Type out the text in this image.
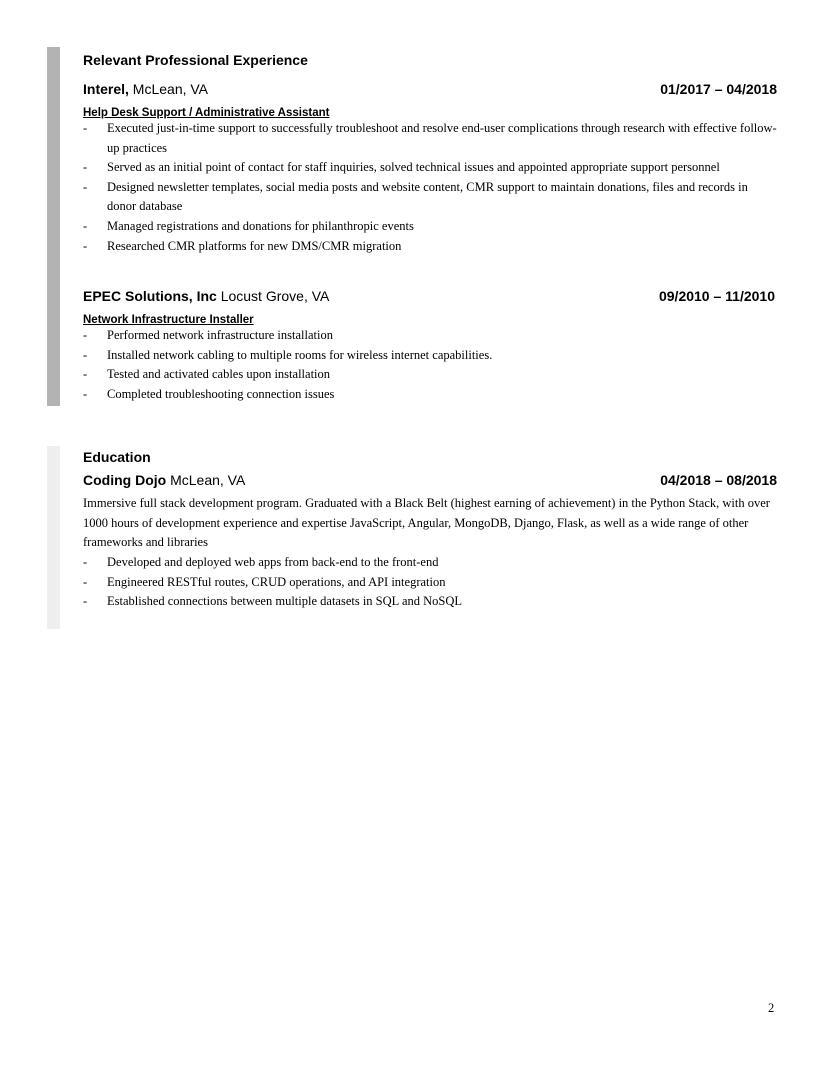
Relevant Professional Experience
Interel, McLean, VA	01/2017 – 04/2018
Help Desk Support / Administrative Assistant
- Executed just-in-time support to successfully troubleshoot and resolve end-user complications through research with effective follow-up practices
- Served as an initial point of contact for staff inquiries, solved technical issues and appointed appropriate support personnel
- Designed newsletter templates, social media posts and website content, CMR support to maintain donations, files and records in donor database
- Managed registrations and donations for philanthropic events
- Researched CMR platforms for new DMS/CMR migration
EPEC Solutions, Inc Locust Grove, VA	09/2010 – 11/2010
Network Infrastructure Installer
- Performed network infrastructure installation
- Installed network cabling to multiple rooms for wireless internet capabilities.
- Tested and activated cables upon installation
- Completed troubleshooting connection issues
Education
Coding Dojo McLean, VA	04/2018 – 08/2018
Immersive full stack development program. Graduated with a Black Belt (highest earning of achievement) in the Python Stack, with over 1000 hours of development experience and expertise JavaScript, Angular, MongoDB, Django, Flask, as well as a wide range of other frameworks and libraries
- Developed and deployed web apps from back-end to the front-end
- Engineered RESTful routes, CRUD operations, and API integration
- Established connections between multiple datasets in SQL and NoSQL
2
